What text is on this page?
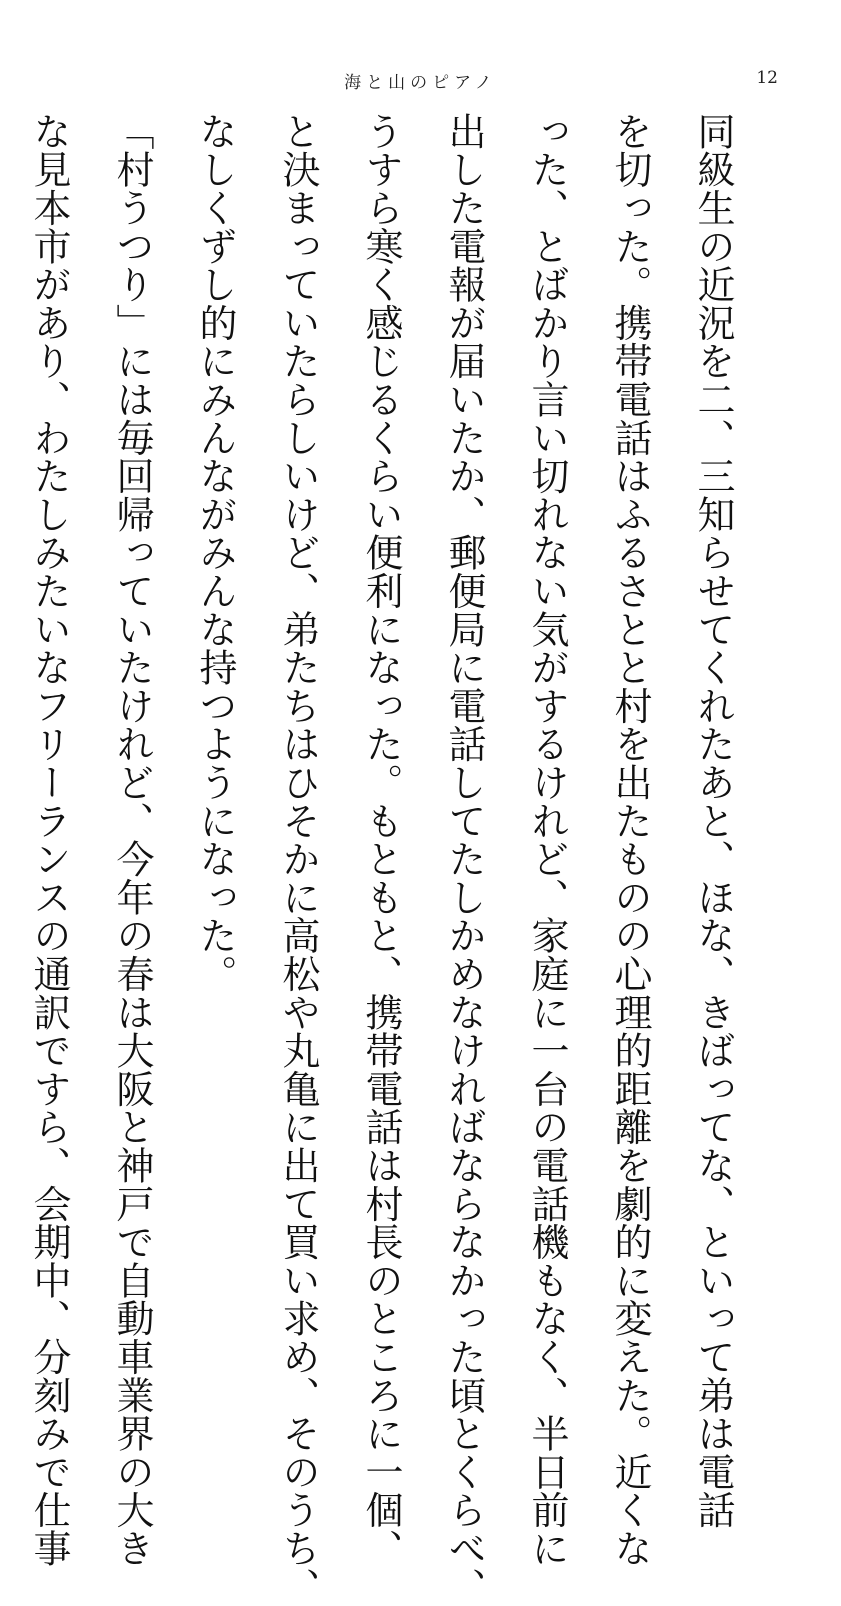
海と山のピアノ	12
同級生の近況を二、三知らせてくれたあと、ほな、きばってな、といって弟は電話
を切った。携帯電話はふるさとと村を出たものの心理的距離を劇的に変えた。近くな
った、とばかり言い切れない気がするけれど、家庭に一台の電話機もなく、半日前に
出した電報が届いたか、郵便局に電話してたしかめなければならなかった頃とくらべ、
うすら寒く感じるくらい便利になった。もともと、携帯電話は村長のところに一個、
と決まっていたらしいけど、弟たちはひそかに高松や丸亀に出て買い求め、そのうち、
なしくずし的にみんながみんな持つようになった。
「村うつり」には毎回帰っていたけれど、今年の春は大阪と神戸で自動車業界の大き
な見本市があり、わたしみたいなフリーランスの通訳ですら、会期中、分刻みで仕事
